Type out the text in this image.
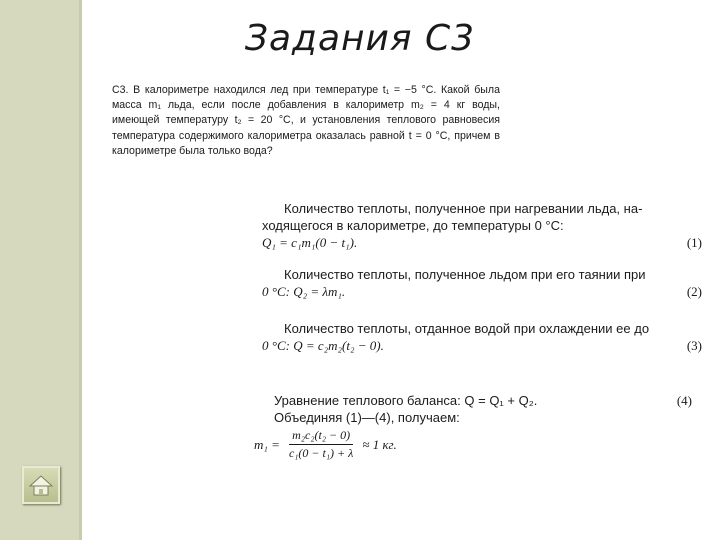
Задания С3
С3. В калориметре находился лед при температуре t₁ = −5 °С. Какой была масса m₁ льда, если после добавления в калориметр m₂ = 4 кг воды, имеющей температуру t₂ = 20 °С, и установления теплового равновесия температура содержимого калориметра оказалась равной t = 0 °С, причем в калориметре была только вода?
Количество теплоты, полученное при нагревании льда, на-
ходящегося в калориметре, до температуры 0 °С:
Q₁ = c₁m₁(0 − t₁).	(1)
Количество теплоты, полученное льдом при его таянии при
0 °С: Q₂ = λm₁.	(2)
Количество теплоты, отданное водой при охлаждении ее до
0 °С: Q = c₂m₂(t₂ − 0).	(3)
Уравнение теплового баланса: Q = Q₁ + Q₂.	(4)
Объединяя (1)—(4), получаем:
$m_1 = \frac{\text{m₂c₂(t₂ − 0)}}{\text{c₁(0 − t₁) + λ}} \approx 1$ кг.
